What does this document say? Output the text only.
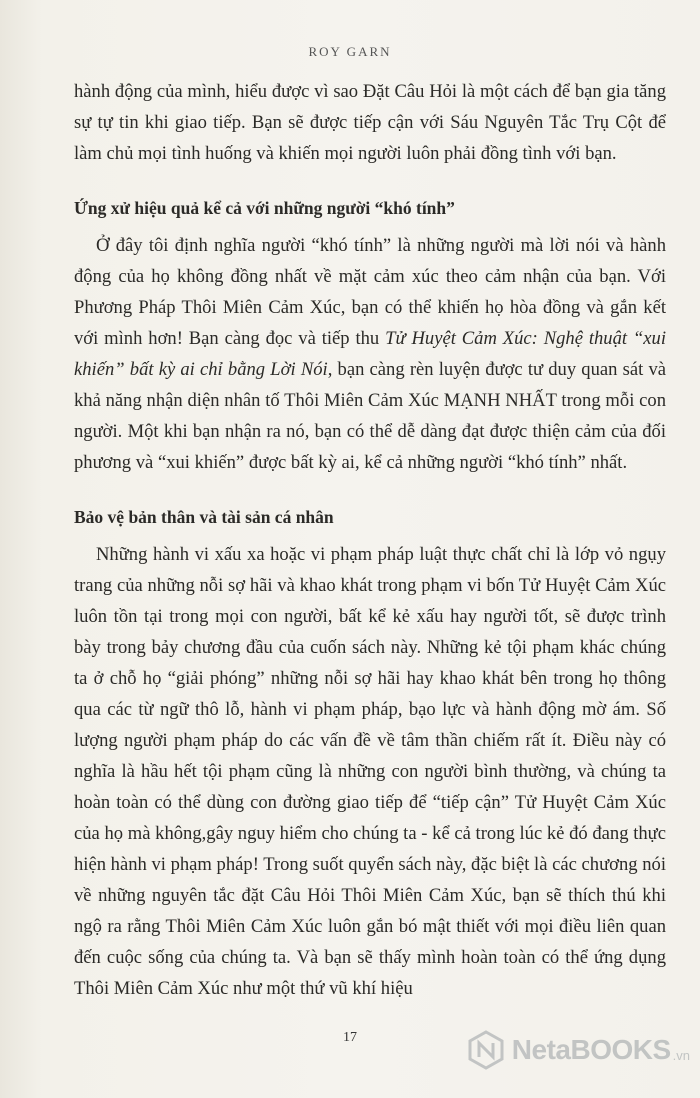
ROY GARN

hành động của mình, hiểu được vì sao Đặt Câu Hỏi là một cách để bạn gia tăng sự tự tin khi giao tiếp. Bạn sẽ được tiếp cận với Sáu Nguyên Tắc Trụ Cột để làm chủ mọi tình huống và khiến mọi người luôn phải đồng tình với bạn.

Ứng xử hiệu quả kể cả với những người “khó tính”

Ở đây tôi định nghĩa người “khó tính” là những người mà lời nói và hành động của họ không đồng nhất về mặt cảm xúc theo cảm nhận của bạn. Với Phương Pháp Thôi Miên Cảm Xúc, bạn có thể khiến họ hòa đồng và gắn kết với mình hơn! Bạn càng đọc và tiếp thu Tử Huyệt Cảm Xúc: Nghệ thuật “xui khiến” bất kỳ ai chỉ bằng Lời Nói, bạn càng rèn luyện được tư duy quan sát và khả năng nhận diện nhân tố Thôi Miên Cảm Xúc MẠNH NHẤT trong mỗi con người. Một khi bạn nhận ra nó, bạn có thể dễ dàng đạt được thiện cảm của đối phương và “xui khiến” được bất kỳ ai, kể cả những người “khó tính” nhất.

Bảo vệ bản thân và tài sản cá nhân

Những hành vi xấu xa hoặc vi phạm pháp luật thực chất chỉ là lớp vỏ ngụy trang của những nỗi sợ hãi và khao khát trong phạm vi bốn Tử Huyệt Cảm Xúc luôn tồn tại trong mọi con người, bất kể kẻ xấu hay người tốt, sẽ được trình bày trong bảy chương đầu của cuốn sách này. Những kẻ tội phạm khác chúng ta ở chỗ họ “giải phóng” những nỗi sợ hãi hay khao khát bên trong họ thông qua các từ ngữ thô lỗ, hành vi phạm pháp, bạo lực và hành động mờ ám. Số lượng người phạm pháp do các vấn đề về tâm thần chiếm rất ít. Điều này có nghĩa là hầu hết tội phạm cũng là những con người bình thường, và chúng ta hoàn toàn có thể dùng con đường giao tiếp để “tiếp cận” Tử Huyệt Cảm Xúc của họ mà không,gây nguy hiểm cho chúng ta - kể cả trong lúc kẻ đó đang thực hiện hành vi phạm pháp! Trong suốt quyển sách này, đặc biệt là các chương nói về những nguyên tắc đặt Câu Hỏi Thôi Miên Cảm Xúc, bạn sẽ thích thú khi ngộ ra rằng Thôi Miên Cảm Xúc luôn gắn bó mật thiết với mọi điều liên quan đến cuộc sống của chúng ta. Và bạn sẽ thấy mình hoàn toàn có thể ứng dụng Thôi Miên Cảm Xúc như một thứ vũ khí hiệu

17	NetaBOOKS .vn
